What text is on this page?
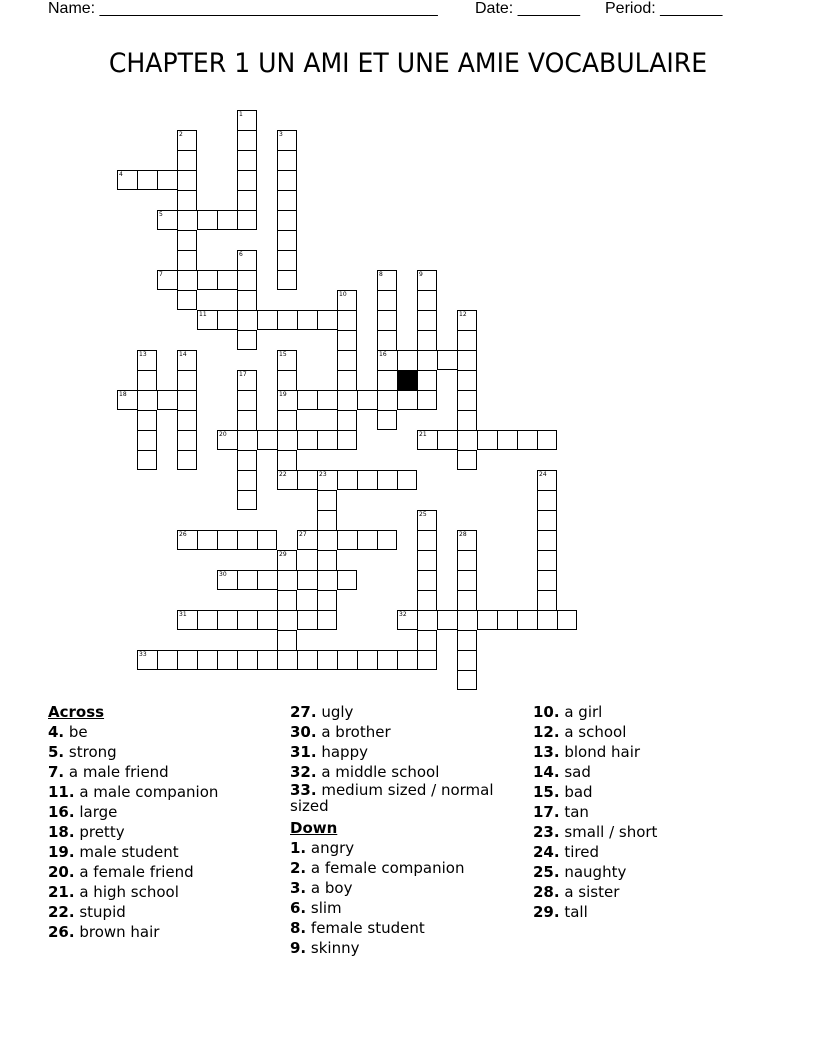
Name: ______________________________________ Date: _______ Period: _______
CHAPTER 1 UN AMI ET UNE AMIE VOCABULAIRE
4
5
7
11
16
18	19
20	21
22	23
26	27
30
31	32
33
1
2	3
6
8	9
10
12
13	14	15
17
24
25
28
29
Across
4. be
5. strong
7. a male friend
11. a male companion
16. large
18. pretty
19. male student
20. a female friend
21. a high school
22. stupid
26. brown hair
27. ugly
30. a brother
31. happy
32. a middle school
33. medium sized / normal sized
Down
1. angry
2. a female companion
3. a boy
6. slim
8. female student
9. skinny
10. a girl
12. a school
13. blond hair
14. sad
15. bad
17. tan
23. small / short
24. tired
25. naughty
28. a sister
29. tall
